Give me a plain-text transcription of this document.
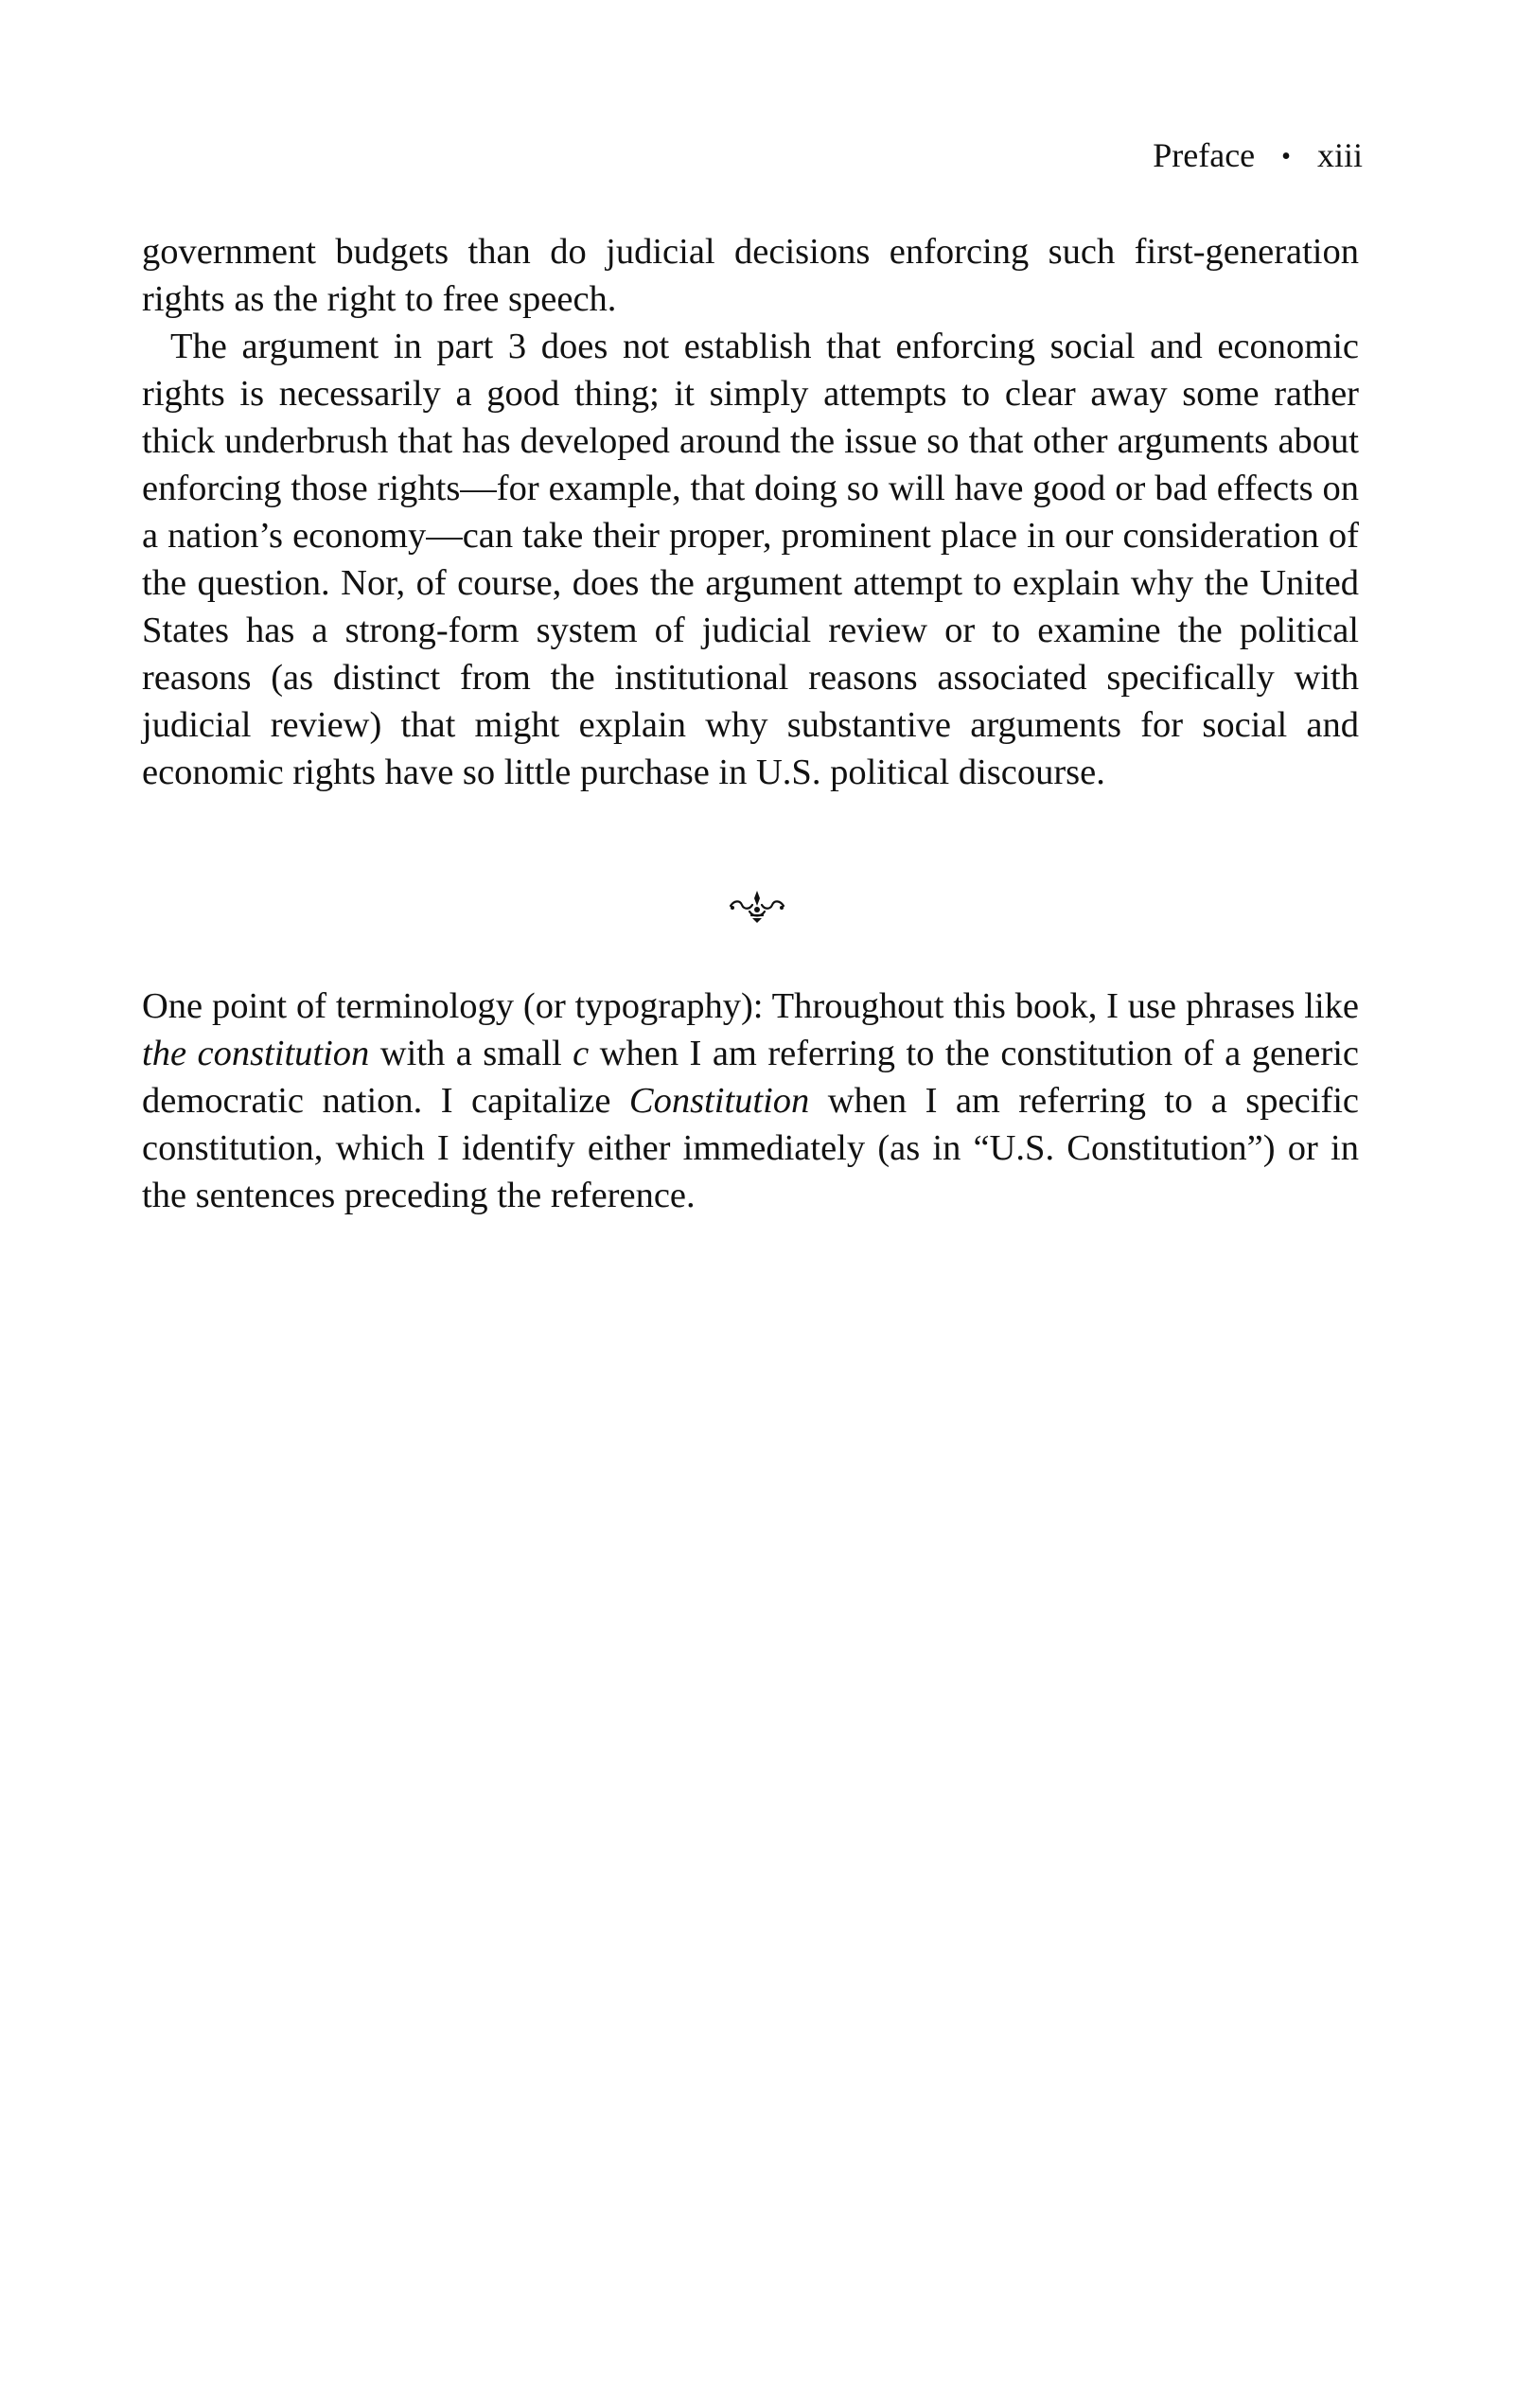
Preface • xiii

government budgets than do judicial decisions enforcing such first-generation rights as the right to free speech.

The argument in part 3 does not establish that enforcing social and economic rights is necessarily a good thing; it simply attempts to clear away some rather thick underbrush that has developed around the issue so that other arguments about enforcing those rights—for example, that doing so will have good or bad effects on a nation’s economy—can take their proper, prominent place in our consideration of the question. Nor, of course, does the argument attempt to explain why the United States has a strong-form system of judicial review or to examine the political reasons (as distinct from the institutional reasons associated specifically with judicial review) that might explain why substantive arguments for social and economic rights have so little purchase in U.S. political discourse.

One point of terminology (or typography): Throughout this book, I use phrases like the constitution with a small c when I am referring to the constitution of a generic democratic nation. I capitalize Constitution when I am referring to a specific constitution, which I identify either immediately (as in “U.S. Constitution”) or in the sentences preceding the reference.
